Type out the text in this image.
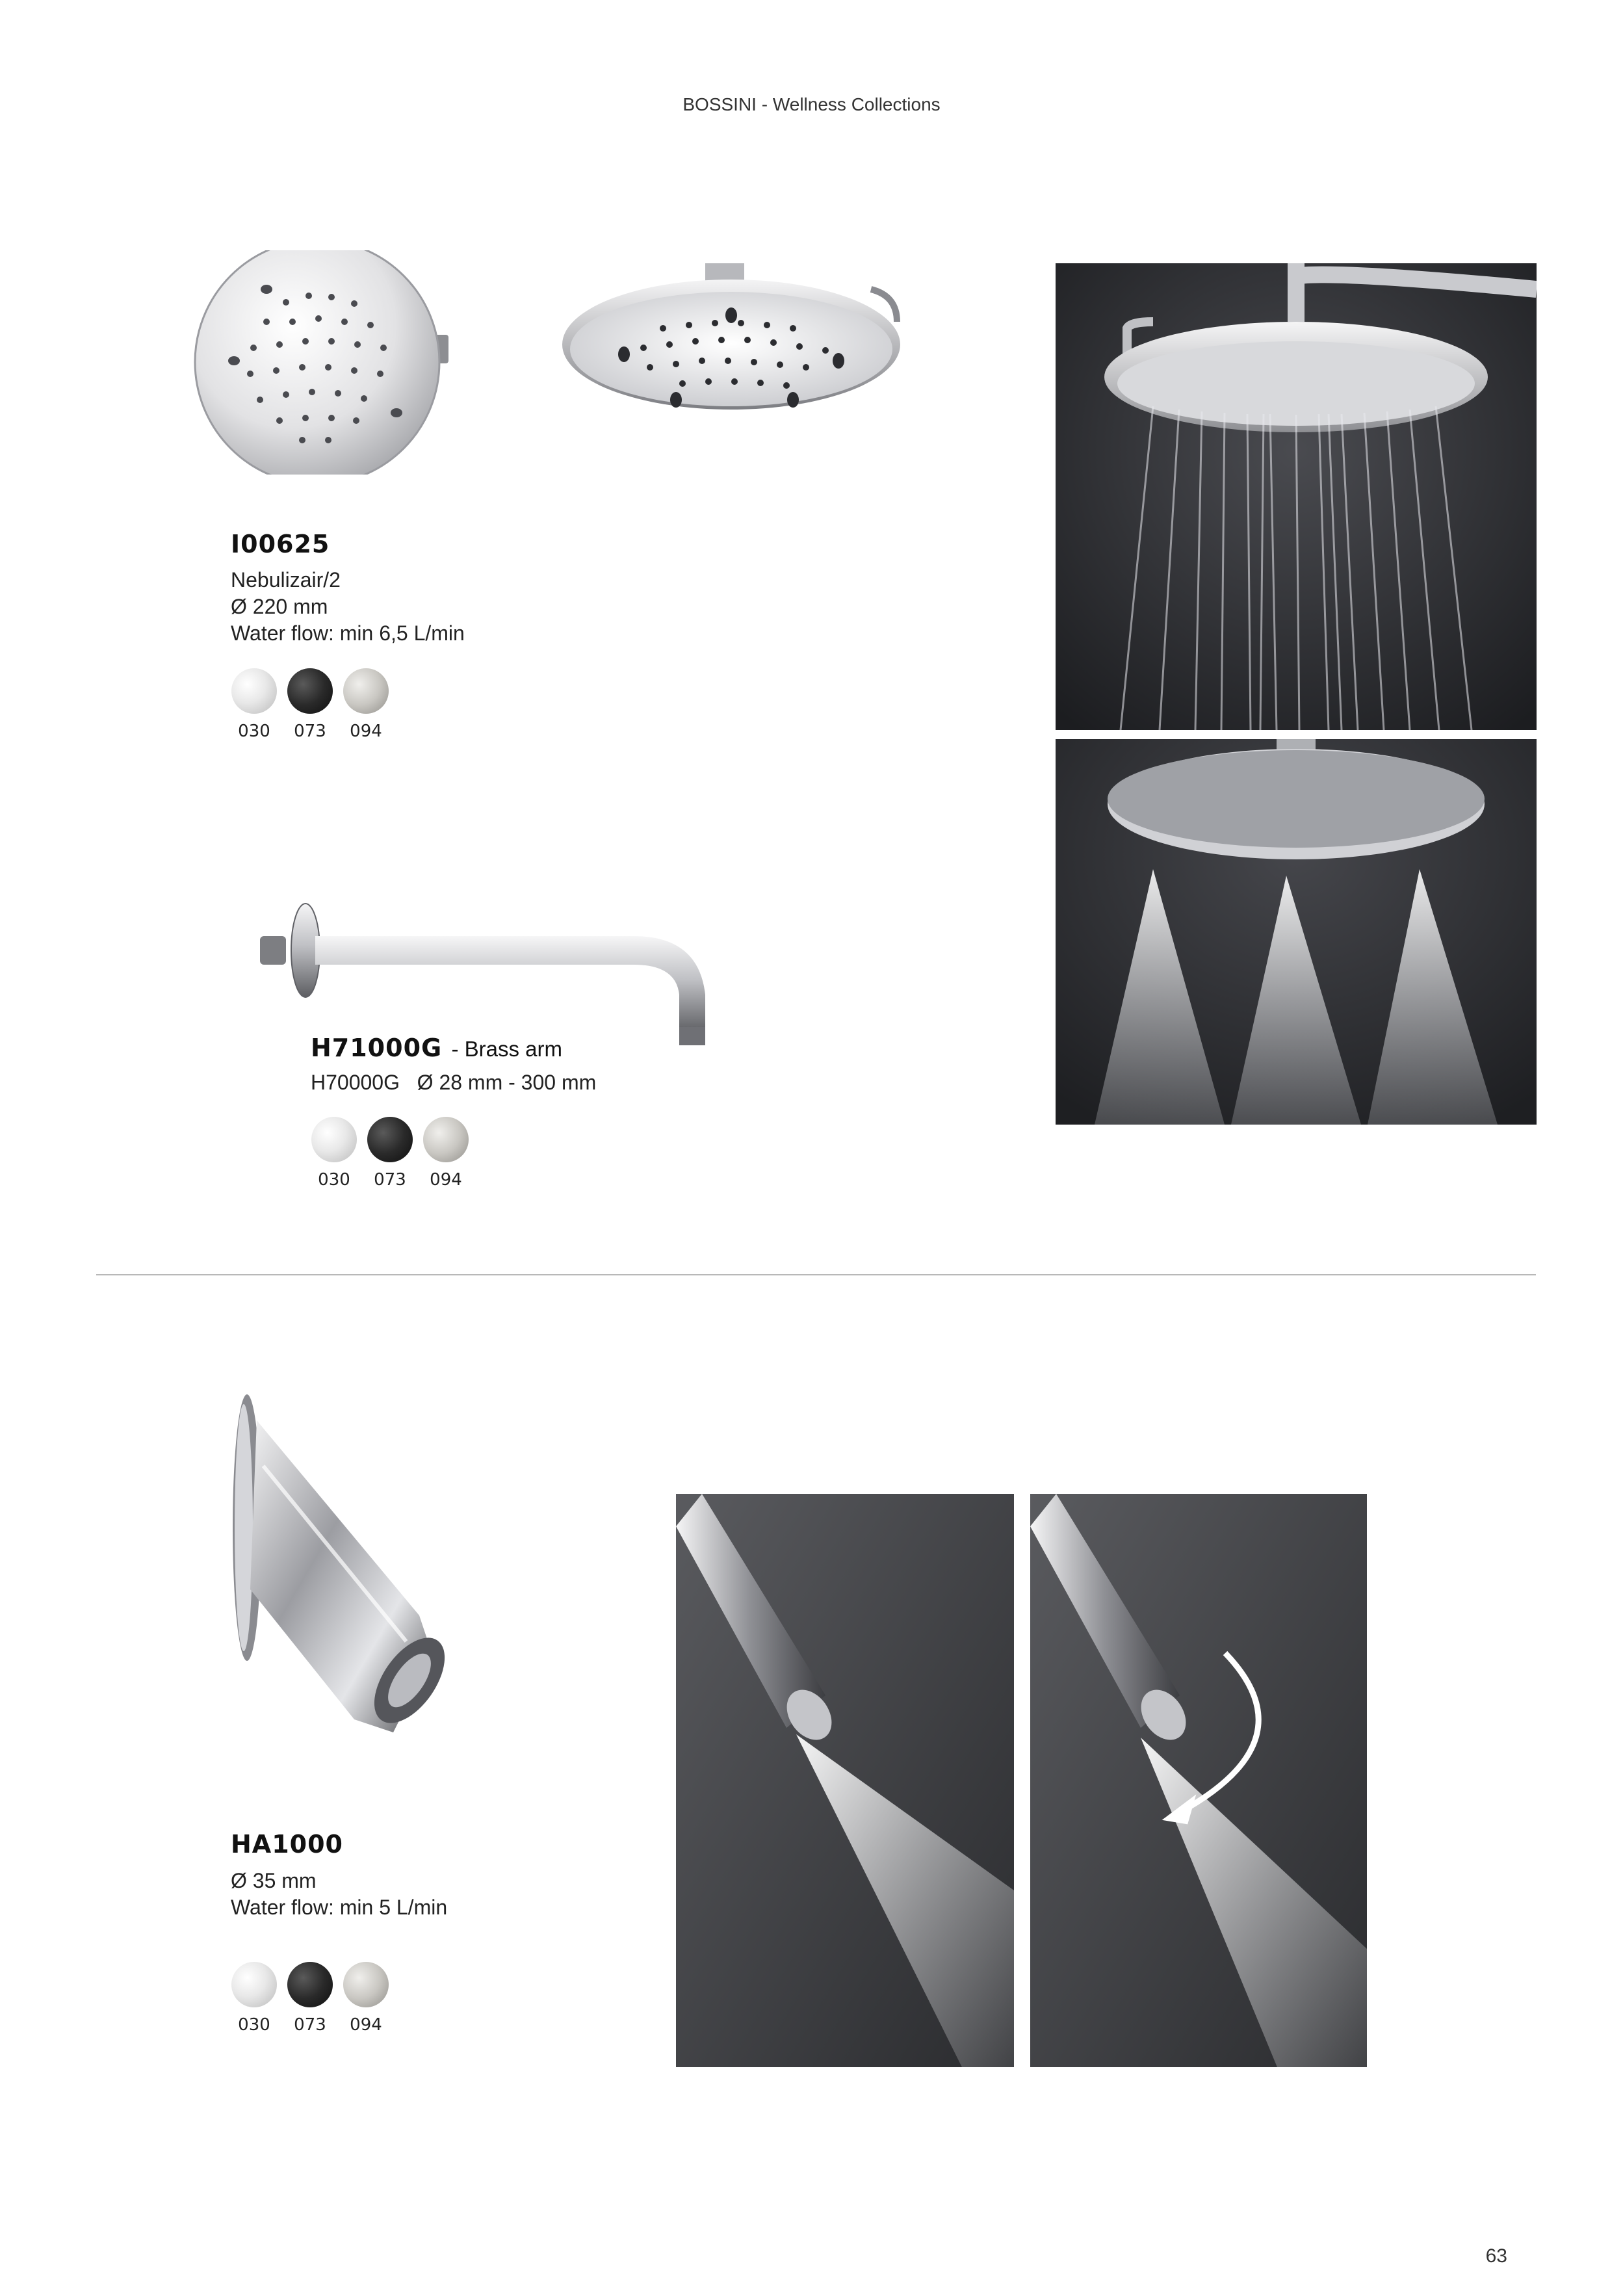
BOSSINI - Wellness Collections
I00625
Nebulizair/2
Ø 220 mm
Water flow: min 6,5 L/min
030	073	094
H71000G - Brass arm
H70000G Ø 28 mm - 300 mm
030	073	094
HA1000
Ø 35 mm
Water flow: min 5 L/min
030	073	094
63
